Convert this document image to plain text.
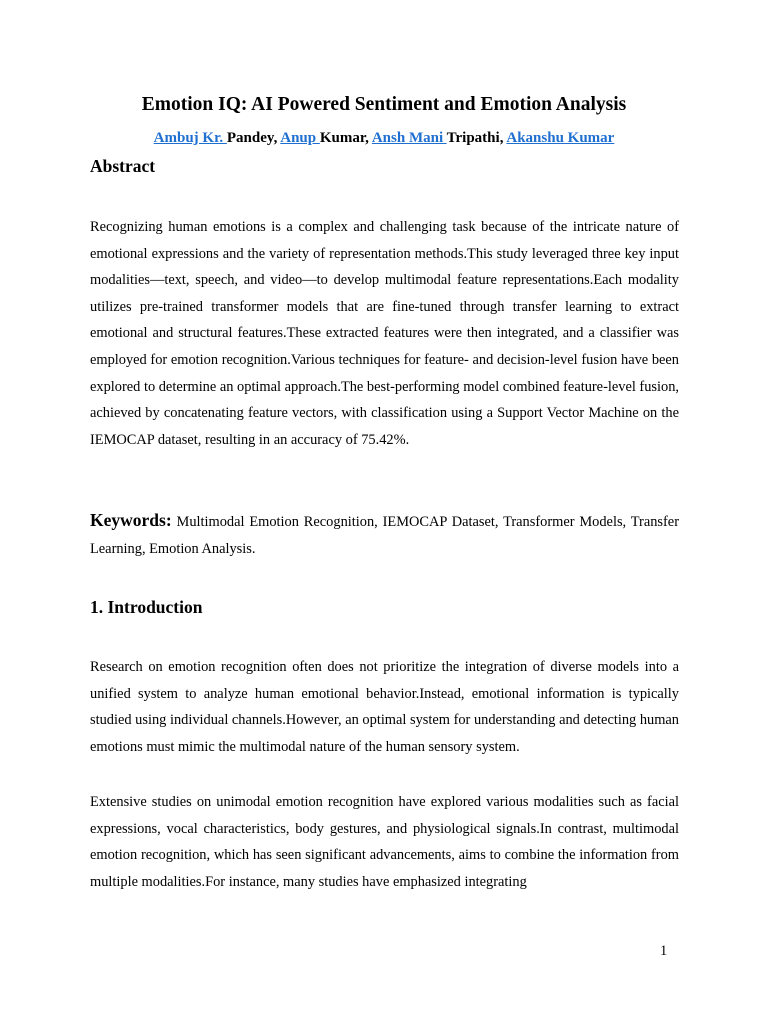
Emotion IQ: AI Powered Sentiment and Emotion Analysis
Ambuj Kr. Pandey, Anup Kumar, Ansh Mani Tripathi, Akanshu Kumar
Abstract

Recognizing human emotions is a complex and challenging task because of the intricate nature of emotional expressions and the variety of representation methods.This study leveraged three key input modalities—text, speech, and video—to develop multimodal feature representations.Each modality utilizes pre-trained transformer models that are fine-tuned through transfer learning to extract emotional and structural features.These extracted features were then integrated, and a classifier was employed for emotion recognition.Various techniques for feature- and decision-level fusion have been explored to determine an optimal approach.The best-performing model combined feature-level fusion, achieved by concatenating feature vectors, with classification using a Support Vector Machine on the IEMOCAP dataset, resulting in an accuracy of 75.42%.

Keywords: Multimodal Emotion Recognition, IEMOCAP Dataset, Transformer Models, Transfer Learning, Emotion Analysis.

1. Introduction

Research on emotion recognition often does not prioritize the integration of diverse models into a unified system to analyze human emotional behavior.Instead, emotional information is typically studied using individual channels.However, an optimal system for understanding and detecting human emotions must mimic the multimodal nature of the human sensory system.

Extensive studies on unimodal emotion recognition have explored various modalities such as facial expressions, vocal characteristics, body gestures, and physiological signals.In contrast, multimodal emotion recognition, which has seen significant advancements, aims to combine the information from multiple modalities.For instance, many studies have emphasized integrating

1
